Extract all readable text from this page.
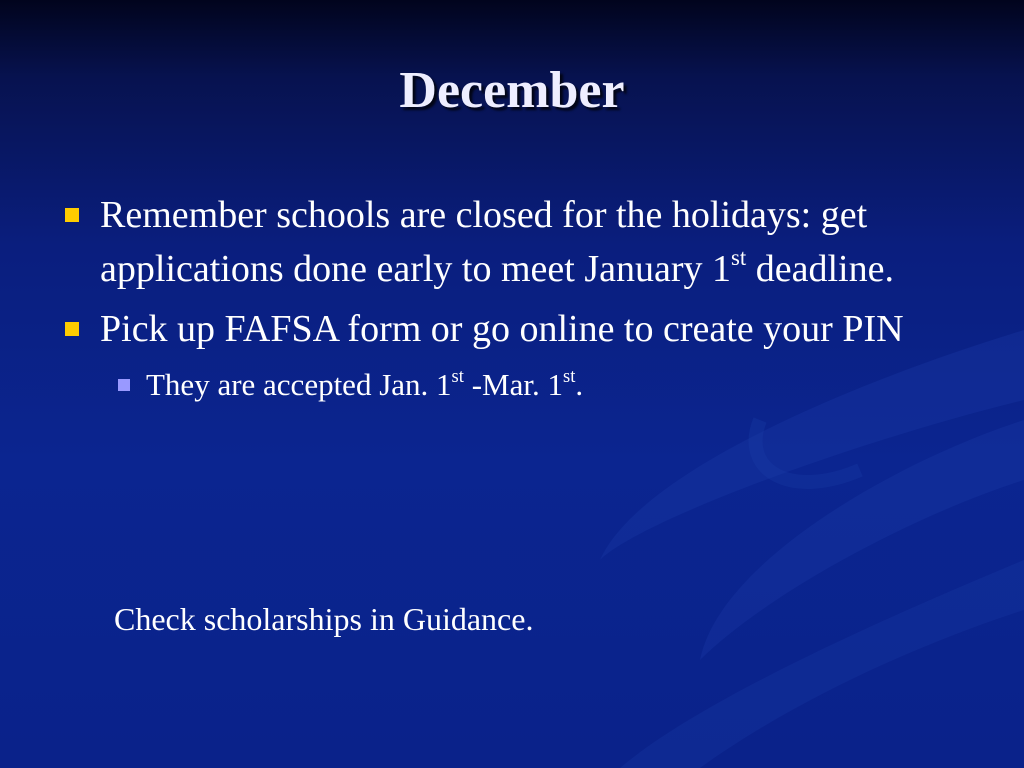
December
Remember schools are closed for the holidays: get applications done early to meet January 1st deadline.
Pick up FAFSA form or go online to create your PIN
They are accepted Jan. 1st -Mar. 1st.
Check scholarships in Guidance.
